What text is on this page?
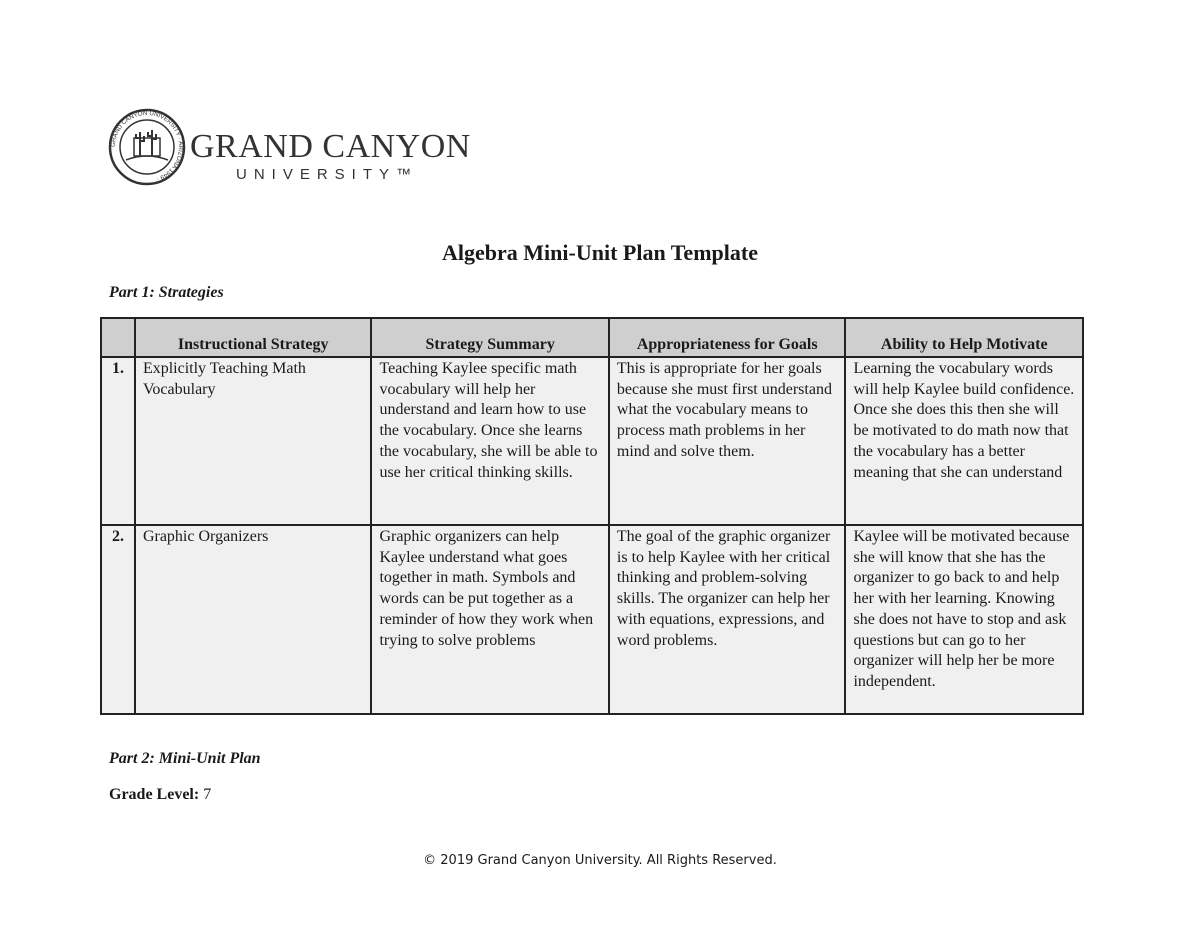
GRAND CANYON UNIVERSITY · ARIZONA 1949 ·
GRAND CANYON
UNIVERSITY™
Algebra Mini-Unit Plan Template
Part 1: Strategies
	Instructional Strategy	Strategy Summary	Appropriateness for Goals	Ability to Help Motivate
1.	Explicitly Teaching Math Vocabulary	Teaching Kaylee specific math vocabulary will help her understand and learn how to use the vocabulary. Once she learns the vocabulary, she will be able to use her critical thinking skills.	This is appropriate for her goals because she must first understand what the vocabulary means to process math problems in her mind and solve them.	Learning the vocabulary words will help Kaylee build confidence. Once she does this then she will be motivated to do math now that the vocabulary has a better meaning that she can understand
2.	Graphic Organizers	Graphic organizers can help Kaylee understand what goes together in math. Symbols and words can be put together as a reminder of how they work when trying to solve problems	The goal of the graphic organizer is to help Kaylee with her critical thinking and problem-solving skills. The organizer can help her with equations, expressions, and word problems.	Kaylee will be motivated because she will know that she has the organizer to go back to and help her with her learning. Knowing she does not have to stop and ask questions but can go to her organizer will help her be more independent.
Part 2: Mini-Unit Plan
Grade Level: 7
© 2019 Grand Canyon University. All Rights Reserved.
